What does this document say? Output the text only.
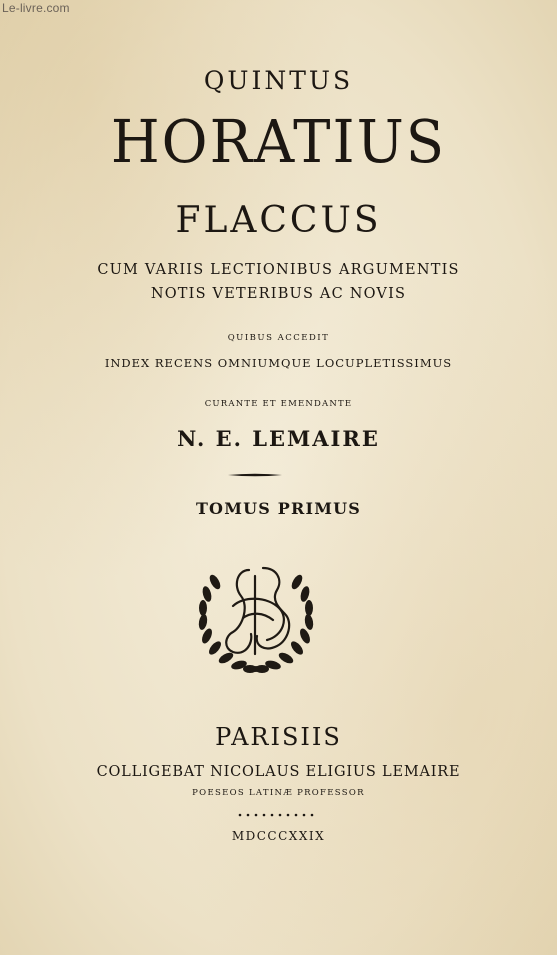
Le-livre.com
QUINTUS
HORATIUS
FLACCUS
CUM VARIIS LECTIONIBUS ARGUMENTIS
NOTIS VETERIBUS AC NOVIS
QUIBUS ACCEDIT
INDEX RECENS OMNIUMQUE LOCUPLETISSIMUS
CURANTE ET EMENDANTE
N. E. LEMAIRE
TOMUS PRIMUS
PARISIIS
COLLIGEBAT NICOLAUS ELIGIUS LEMAIRE
POESEOS LATINÆ PROFESSOR
MDCCCXXIX
